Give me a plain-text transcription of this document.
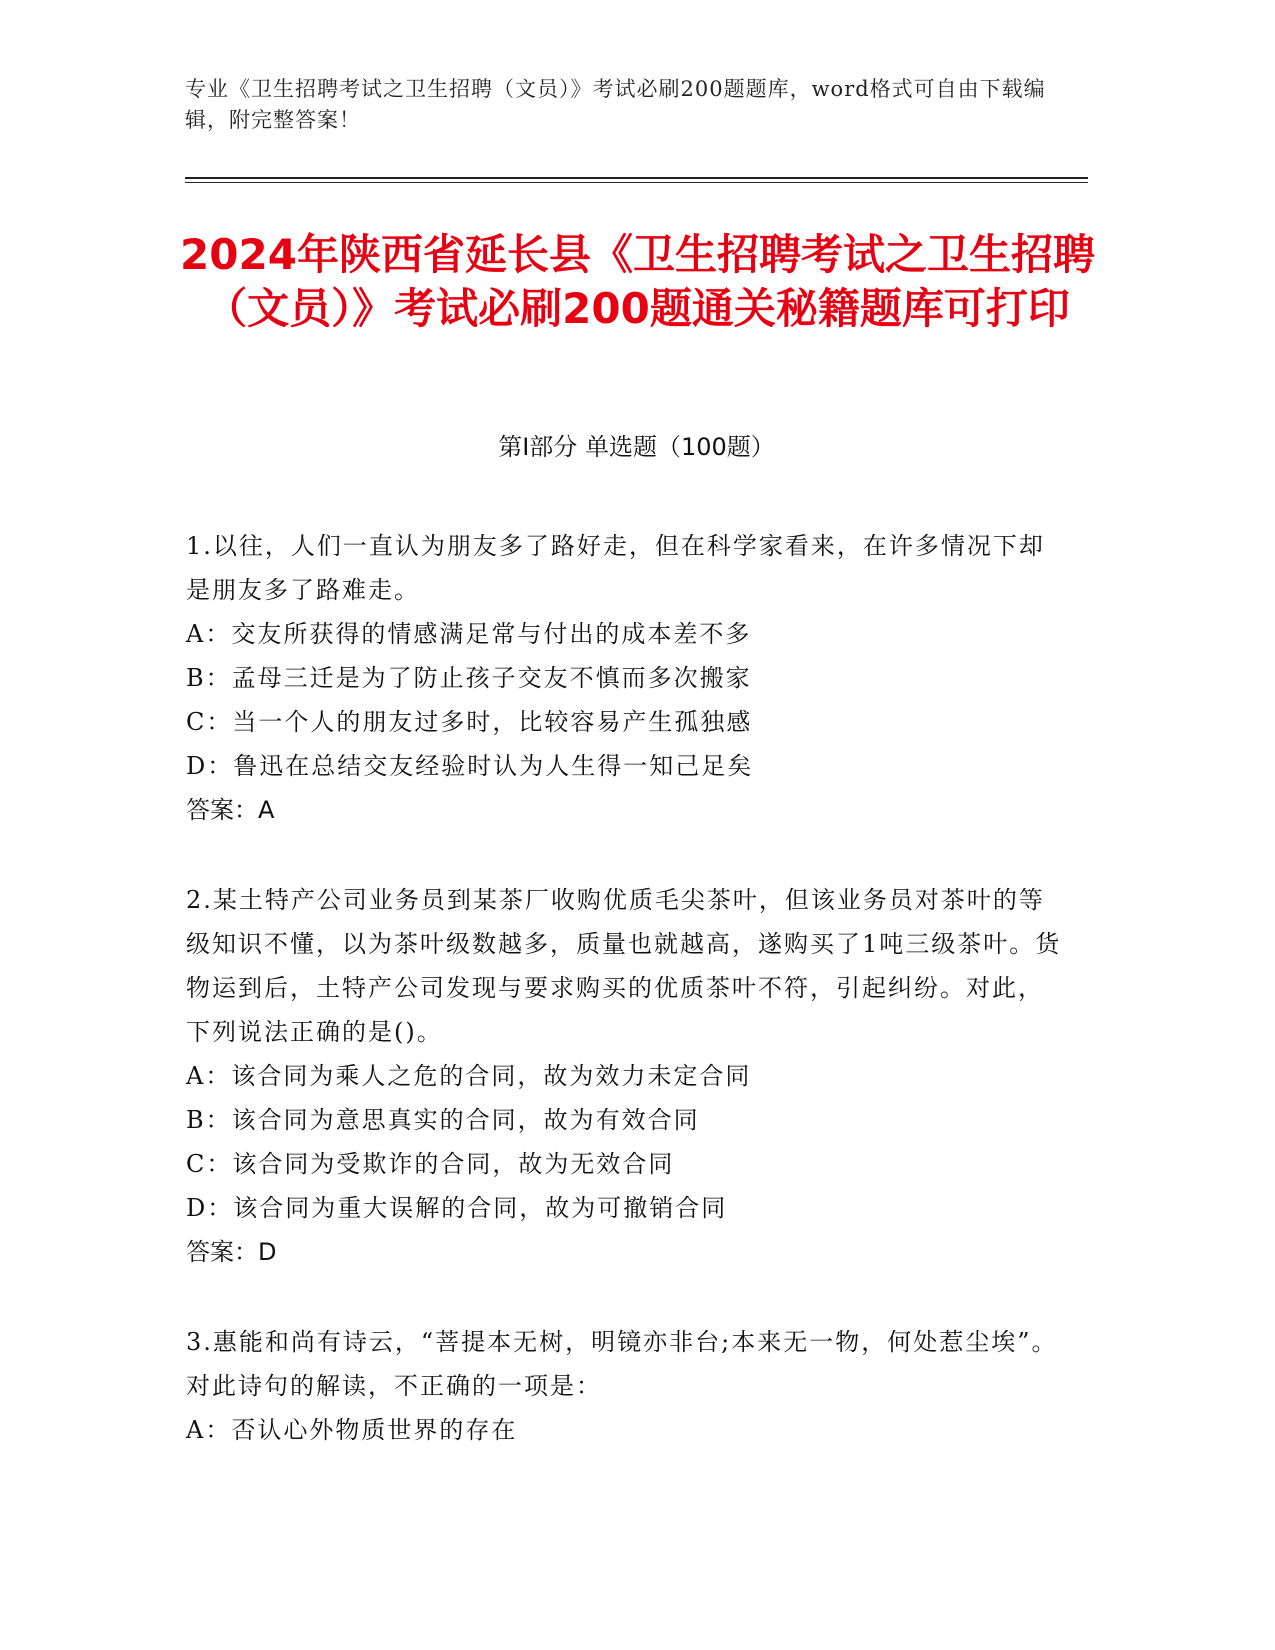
专业《卫生招聘考试之卫生招聘（文员）》考试必刷200题题库，word格式可自由下载编辑，附完整答案！
2024年陕西省延长县《卫生招聘考试之卫生招聘（文员）》考试必刷200题通关秘籍题库可打印
第I部分 单选题（100题）
1.以往，人们一直认为朋友多了路好走，但在科学家看来，在许多情况下却是朋友多了路难走。
A：交友所获得的情感满足常与付出的成本差不多
B：孟母三迁是为了防止孩子交友不慎而多次搬家
C：当一个人的朋友过多时，比较容易产生孤独感
D：鲁迅在总结交友经验时认为人生得一知己足矣
答案：A
2.某土特产公司业务员到某茶厂收购优质毛尖茶叶，但该业务员对茶叶的等级知识不懂，以为茶叶级数越多，质量也就越高，遂购买了1吨三级茶叶。货物运到后，土特产公司发现与要求购买的优质茶叶不符，引起纠纷。对此，下列说法正确的是()。
A：该合同为乘人之危的合同，故为效力未定合同
B：该合同为意思真实的合同，故为有效合同
C：该合同为受欺诈的合同，故为无效合同
D：该合同为重大误解的合同，故为可撤销合同
答案：D
3.惠能和尚有诗云，“菩提本无树，明镜亦非台;本来无一物，何处惹尘埃”。对此诗句的解读，不正确的一项是：
A：否认心外物质世界的存在
